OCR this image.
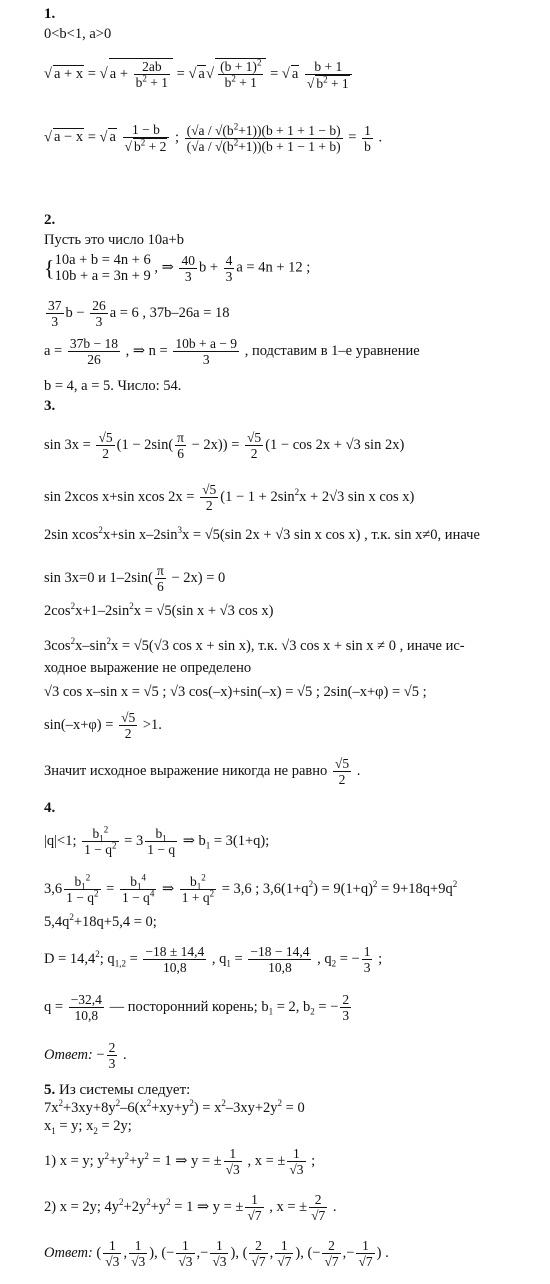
1.
0<b<1, a>0
√ a + x = √ $a + \frac{2ab}{b^2 + 1}$ = √ $a√ \frac{(b + 1)^2}{b^2 + 1}$ = √ a $\frac{b + 1}{√ b^2 + 1}$
√ a − x = √ a $\frac{1 - b}{√ b^2 + 2}$ ; $\frac{(√a / √(b^2+1))(b + 1 + 1 - b)}{(√a / √(b^2+1))(b + 1 - 1 + b)} = \frac{1}{b}$ .
2.
Пусть это число 10a+b
{10a + b = 4n + 6
10b + a = 3n + 9 , ⇒ $\frac{40}{3}$ $b + \frac{4}{3}$ a = 4n + 12 ;
$\frac{37}{3}$ $b - \frac{26}{3}$ a = 6 , 37b–26a = 18
$a = \frac{37b - 18}{26}$ , ⇒ $n = \frac{10b + a - 9}{3}$ , подставим в 1–е уравнение
b = 4, a = 5. Число: 54.
3.
$\sin 3x = \frac{√5}{2} (1 - 2\sin( \frac{\pi}{6} - 2x)) = \frac{√5}{2} (1 - \cos 2x + √3$ sin 2x)
sin 2xcos x+sin xcos $2x = \frac{√5}{2} (1 - 1 + 2\sin^2x + 2√3$ sin x cos x)
2sin xcos$^2$x+sin $x-2\sin^3x = √5(\sin$ 2x + √3 sin x cos x) , т.к. sin x≠0, иначе
sin 3x=0 и $1-2\sin( \frac{\pi}{6} - 2x) = 0$
$2\cos^2x+1-2\sin^2x = √5(\sin$ x + √3 cos x)
$3\cos^2x-\sin^2x = √5(√3$ cos x + sin x), т.к. √3 cos x + sin x ≠ 0 , иначе ис-
ходное выражение не определено
√3 cos x–sin x = √5 ; √3 cos(–x)+sin(–x) = √5 ; 2sin(–x+φ) = √5 ;
$\sin(-x+\varphi) = \frac{√5}{2} >1$.
Значит исходное выражение никогда не равно $\frac{√5}{2}$ .
4.
|q|<1; $\frac{b_1^2}{1 - q^2} = 3 \frac{b_1}{1 - q}$ ⇒ $b_1 = 3(1+q)$;
$3,6 \frac{b_1^2}{1 - q^2} = \frac{b_1^4}{1 - q^4}$ ⇒ $\frac{b_1^2}{1 + q^2} = 3,6$ ; $3,6(1+q^2) = 9(1+q)^2 = 9+18q+9q^2$
$5,4q^2+18q+5,4 = 0$;
$D = 14,4^2$; $q_{1,2} = \frac{-18 \pm 14,4}{10,8}$ , $q_1 = \frac{-18 - 14,4}{10,8}$ , $q_2$ = − $\frac{1}{3}$ ;
$q = \frac{-32,4}{10,8}$ — посторонний корень; $b_1 = 2$, $b_2$ = − $\frac{2}{3}$
Ответ: − $\frac{2}{3}$ .
5. Из системы следует:
$7x^2+3xy+8y^2-6(x^2+xy+y^2) = x^2-3xy+2y^2 = 0$
$x_1 = y$; $x_2 = 2y$;
1) x = y; $y^2+y^2+y^2 = 1$ ⇒ y = ± $\frac{1}{√3}$ , x = ± $\frac{1}{√3}$ ;
2) x = 2y; $4y^2+2y^2+y^2 = 1$ ⇒ y = ± $\frac{1}{√7}$ , x = ± $\frac{2}{√7}$ .
Ответ: ( $\frac{1}{√3}$ , $\frac{1}{√3}$ ), (− $\frac{1}{√3}$ ,− $\frac{1}{√3}$ ), ( $\frac{2}{√7}$ , $\frac{1}{√7}$ ), (− $\frac{2}{√7}$ ,− $\frac{1}{√7}$ ) .
